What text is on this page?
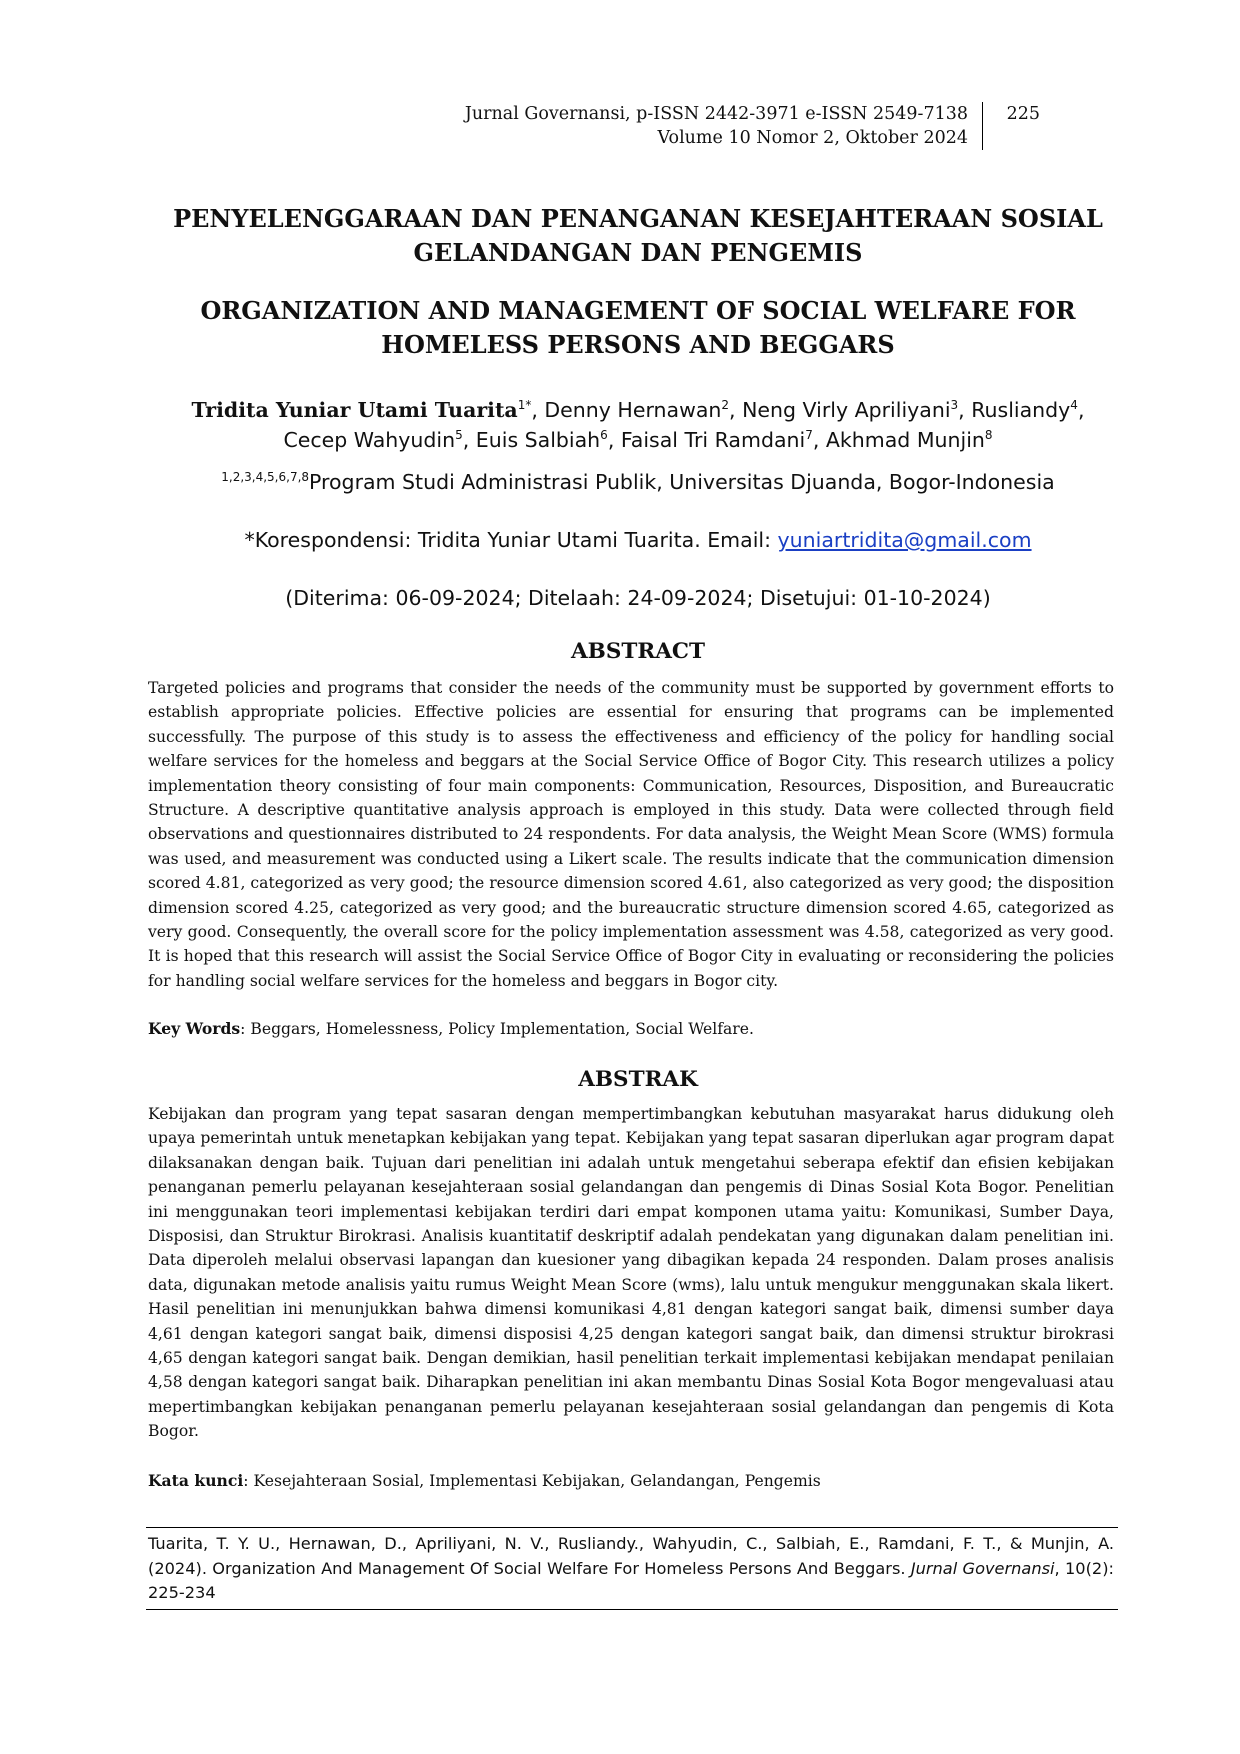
Jurnal Governansi, p-ISSN 2442-3971 e-ISSN 2549-7138
Volume 10 Nomor 2, Oktober 2024
225
PENYELENGGARAAN DAN PENANGANAN KESEJAHTERAAN SOSIAL
GELANDANGAN DAN PENGEMIS
ORGANIZATION AND MANAGEMENT OF SOCIAL WELFARE FOR
HOMELESS PERSONS AND BEGGARS
Tridita Yuniar Utami Tuarita$^{1*}$, Denny Hernawan$^2$, Neng Virly Apriliyani$^3$, Rusliandy$^4$,
Cecep Wahyudin$^5$, Euis Salbiah$^6$, Faisal Tri Ramdani$^7$, Akhmad Munjin$^8$
$^{1,2,3,4,5,6,7,8}$Program Studi Administrasi Publik, Universitas Djuanda, Bogor-Indonesia
*Korespondensi: Tridita Yuniar Utami Tuarita. Email: yuniartridita@gmail.com
(Diterima: 06-09-2024; Ditelaah: 24-09-2024; Disetujui: 01-10-2024)
ABSTRACT
Targeted policies and programs that consider the needs of the community must be supported by government efforts to establish appropriate policies. Effective policies are essential for ensuring that programs can be implemented successfully. The purpose of this study is to assess the effectiveness and efficiency of the policy for handling social welfare services for the homeless and beggars at the Social Service Office of Bogor City. This research utilizes a policy implementation theory consisting of four main components: Communication, Resources, Disposition, and Bureaucratic Structure. A descriptive quantitative analysis approach is employed in this study. Data were collected through field observations and questionnaires distributed to 24 respondents. For data analysis, the Weight Mean Score (WMS) formula was used, and measurement was conducted using a Likert scale. The results indicate that the communication dimension scored 4.81, categorized as very good; the resource dimension scored 4.61, also categorized as very good; the disposition dimension scored 4.25, categorized as very good; and the bureaucratic structure dimension scored 4.65, categorized as very good. Consequently, the overall score for the policy implementation assessment was 4.58, categorized as very good. It is hoped that this research will assist the Social Service Office of Bogor City in evaluating or reconsidering the policies for handling social welfare services for the homeless and beggars in Bogor city.
Key Words: Beggars, Homelessness, Policy Implementation, Social Welfare.
ABSTRAK
Kebijakan dan program yang tepat sasaran dengan mempertimbangkan kebutuhan masyarakat harus didukung oleh upaya pemerintah untuk menetapkan kebijakan yang tepat. Kebijakan yang tepat sasaran diperlukan agar program dapat dilaksanakan dengan baik. Tujuan dari penelitian ini adalah untuk mengetahui seberapa efektif dan efisien kebijakan penanganan pemerlu pelayanan kesejahteraan sosial gelandangan dan pengemis di Dinas Sosial Kota Bogor. Penelitian ini menggunakan teori implementasi kebijakan terdiri dari empat komponen utama yaitu: Komunikasi, Sumber Daya, Disposisi, dan Struktur Birokrasi. Analisis kuantitatif deskriptif adalah pendekatan yang digunakan dalam penelitian ini. Data diperoleh melalui observasi lapangan dan kuesioner yang dibagikan kepada 24 responden. Dalam proses analisis data, digunakan metode analisis yaitu rumus Weight Mean Score (wms), lalu untuk mengukur menggunakan skala likert. Hasil penelitian ini menunjukkan bahwa dimensi komunikasi 4,81 dengan kategori sangat baik, dimensi sumber daya 4,61 dengan kategori sangat baik, dimensi disposisi 4,25 dengan kategori sangat baik, dan dimensi struktur birokrasi 4,65 dengan kategori sangat baik. Dengan demikian, hasil penelitian terkait implementasi kebijakan mendapat penilaian 4,58 dengan kategori sangat baik. Diharapkan penelitian ini akan membantu Dinas Sosial Kota Bogor mengevaluasi atau mepertimbangkan kebijakan penanganan pemerlu pelayanan kesejahteraan sosial gelandangan dan pengemis di Kota Bogor.
Kata kunci: Kesejahteraan Sosial, Implementasi Kebijakan, Gelandangan, Pengemis
Tuarita, T. Y. U., Hernawan, D., Apriliyani, N. V., Rusliandy., Wahyudin, C., Salbiah, E., Ramdani, F. T., & Munjin, A. (2024). Organization And Management Of Social Welfare For Homeless Persons And Beggars. Jurnal Governansi, 10(2): 225-234
